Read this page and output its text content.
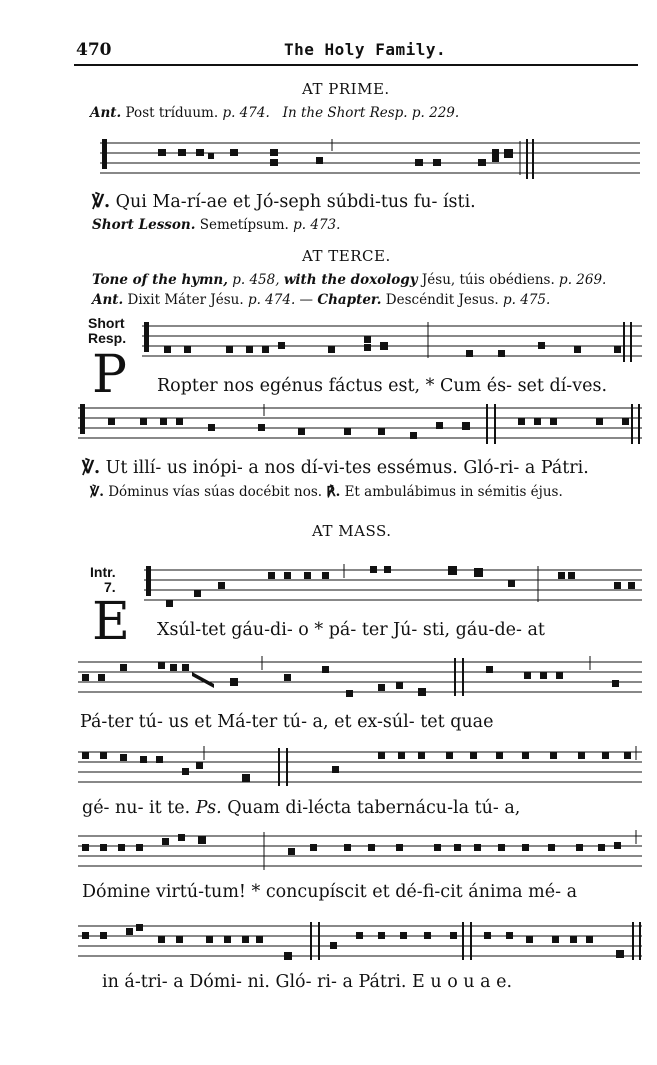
470	The Holy Family.
AT PRIME.
Ant. Post tríduum. p. 474. In the Short Resp. p. 229.
℣. Qui Ma-rí-ae et Jó-seph súbdi-tus fu- ísti.
Short Lesson. Semetípsum. p. 473.
AT TERCE.
Tone of the hymn, p. 458, with the doxology Jésu, túis obédiens. p. 269.
Ant. Dixit Máter Jésu. p. 474. — Chapter. Descéndit Jesus. p. 475.
Short
Resp.
P Ropter nos egénus fáctus est, * Cum és- set dí-ves.
℣. Ut illí- us inópi- a nos dí-vi-tes essémus. Gló-ri- a Pátri.
℣. Dóminus vías súas docébit nos. ℟. Et ambulábimus in sémitis éjus.
AT MASS.
Intr.
7.
E Xsúl-tet gáu-di- o * pá- ter Jú- sti, gáu-de- at
Pá-ter tú- us et Má-ter tú- a, et ex-súl- tet quae
gé- nu- it te. Ps. Quam di-lécta tabernácu-la tú- a,
Dómine virtú-tum! * concupíscit et dé-fi-cit ánima mé- a
in á-tri- a Dómi- ni. Gló- ri- a Pátri. E u o u a e.
